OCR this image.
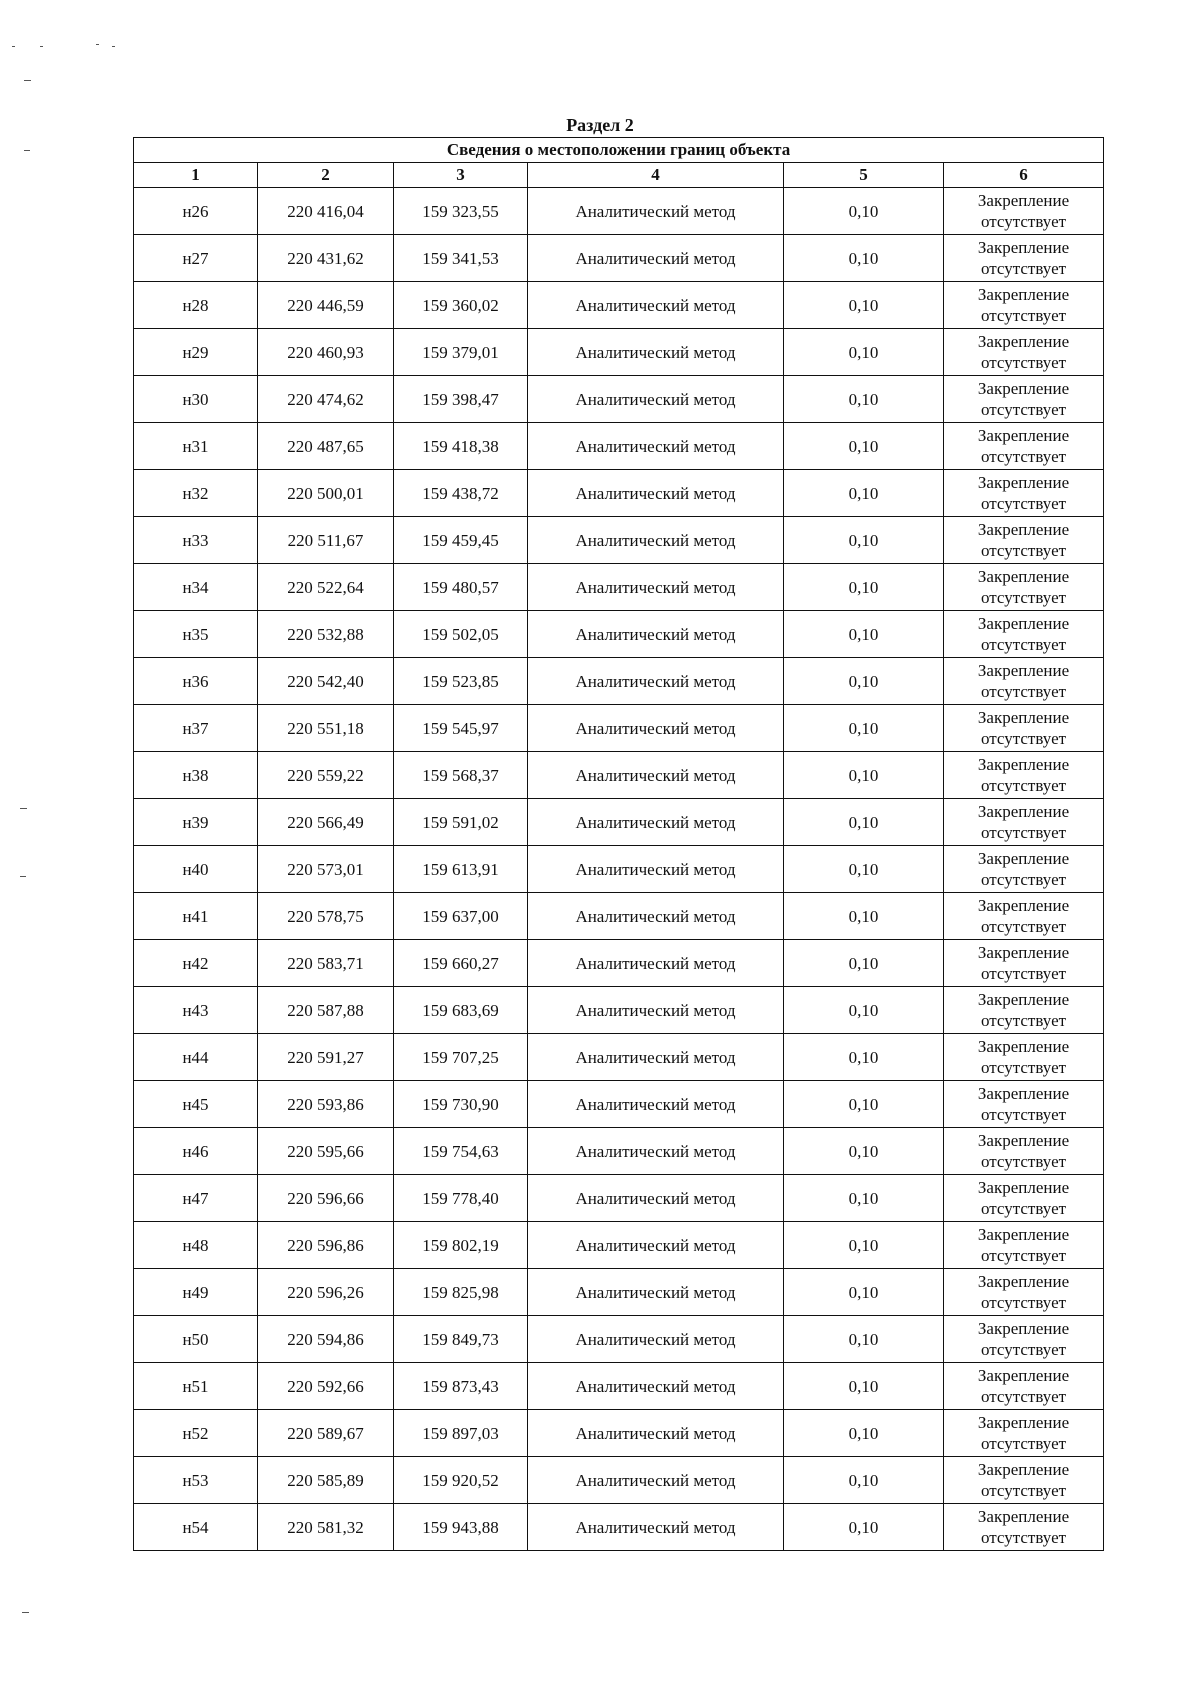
Раздел 2
Сведения о местоположении границ объекта					
1	2	3	4	5	6
н26	220 416,04	159 323,55	Аналитический метод	0,10	Закрепление
отсутствует

н27	220 431,62	159 341,53	Аналитический метод	0,10	Закрепление
отсутствует

н28	220 446,59	159 360,02	Аналитический метод	0,10	Закрепление
отсутствует

н29	220 460,93	159 379,01	Аналитический метод	0,10	Закрепление
отсутствует

н30	220 474,62	159 398,47	Аналитический метод	0,10	Закрепление
отсутствует

н31	220 487,65	159 418,38	Аналитический метод	0,10	Закрепление
отсутствует

н32	220 500,01	159 438,72	Аналитический метод	0,10	Закрепление
отсутствует

н33	220 511,67	159 459,45	Аналитический метод	0,10	Закрепление
отсутствует

н34	220 522,64	159 480,57	Аналитический метод	0,10	Закрепление
отсутствует

н35	220 532,88	159 502,05	Аналитический метод	0,10	Закрепление
отсутствует

н36	220 542,40	159 523,85	Аналитический метод	0,10	Закрепление
отсутствует

н37	220 551,18	159 545,97	Аналитический метод	0,10	Закрепление
отсутствует

н38	220 559,22	159 568,37	Аналитический метод	0,10	Закрепление
отсутствует

н39	220 566,49	159 591,02	Аналитический метод	0,10	Закрепление
отсутствует

н40	220 573,01	159 613,91	Аналитический метод	0,10	Закрепление
отсутствует

н41	220 578,75	159 637,00	Аналитический метод	0,10	Закрепление
отсутствует

н42	220 583,71	159 660,27	Аналитический метод	0,10	Закрепление
отсутствует

н43	220 587,88	159 683,69	Аналитический метод	0,10	Закрепление
отсутствует

н44	220 591,27	159 707,25	Аналитический метод	0,10	Закрепление
отсутствует

н45	220 593,86	159 730,90	Аналитический метод	0,10	Закрепление
отсутствует

н46	220 595,66	159 754,63	Аналитический метод	0,10	Закрепление
отсутствует

н47	220 596,66	159 778,40	Аналитический метод	0,10	Закрепление
отсутствует

н48	220 596,86	159 802,19	Аналитический метод	0,10	Закрепление
отсутствует

н49	220 596,26	159 825,98	Аналитический метод	0,10	Закрепление
отсутствует

н50	220 594,86	159 849,73	Аналитический метод	0,10	Закрепление
отсутствует

н51	220 592,66	159 873,43	Аналитический метод	0,10	Закрепление
отсутствует

н52	220 589,67	159 897,03	Аналитический метод	0,10	Закрепление
отсутствует

н53	220 585,89	159 920,52	Аналитический метод	0,10	Закрепление
отсутствует

н54	220 581,32	159 943,88	Аналитический метод	0,10	Закрепление
отсутствует
